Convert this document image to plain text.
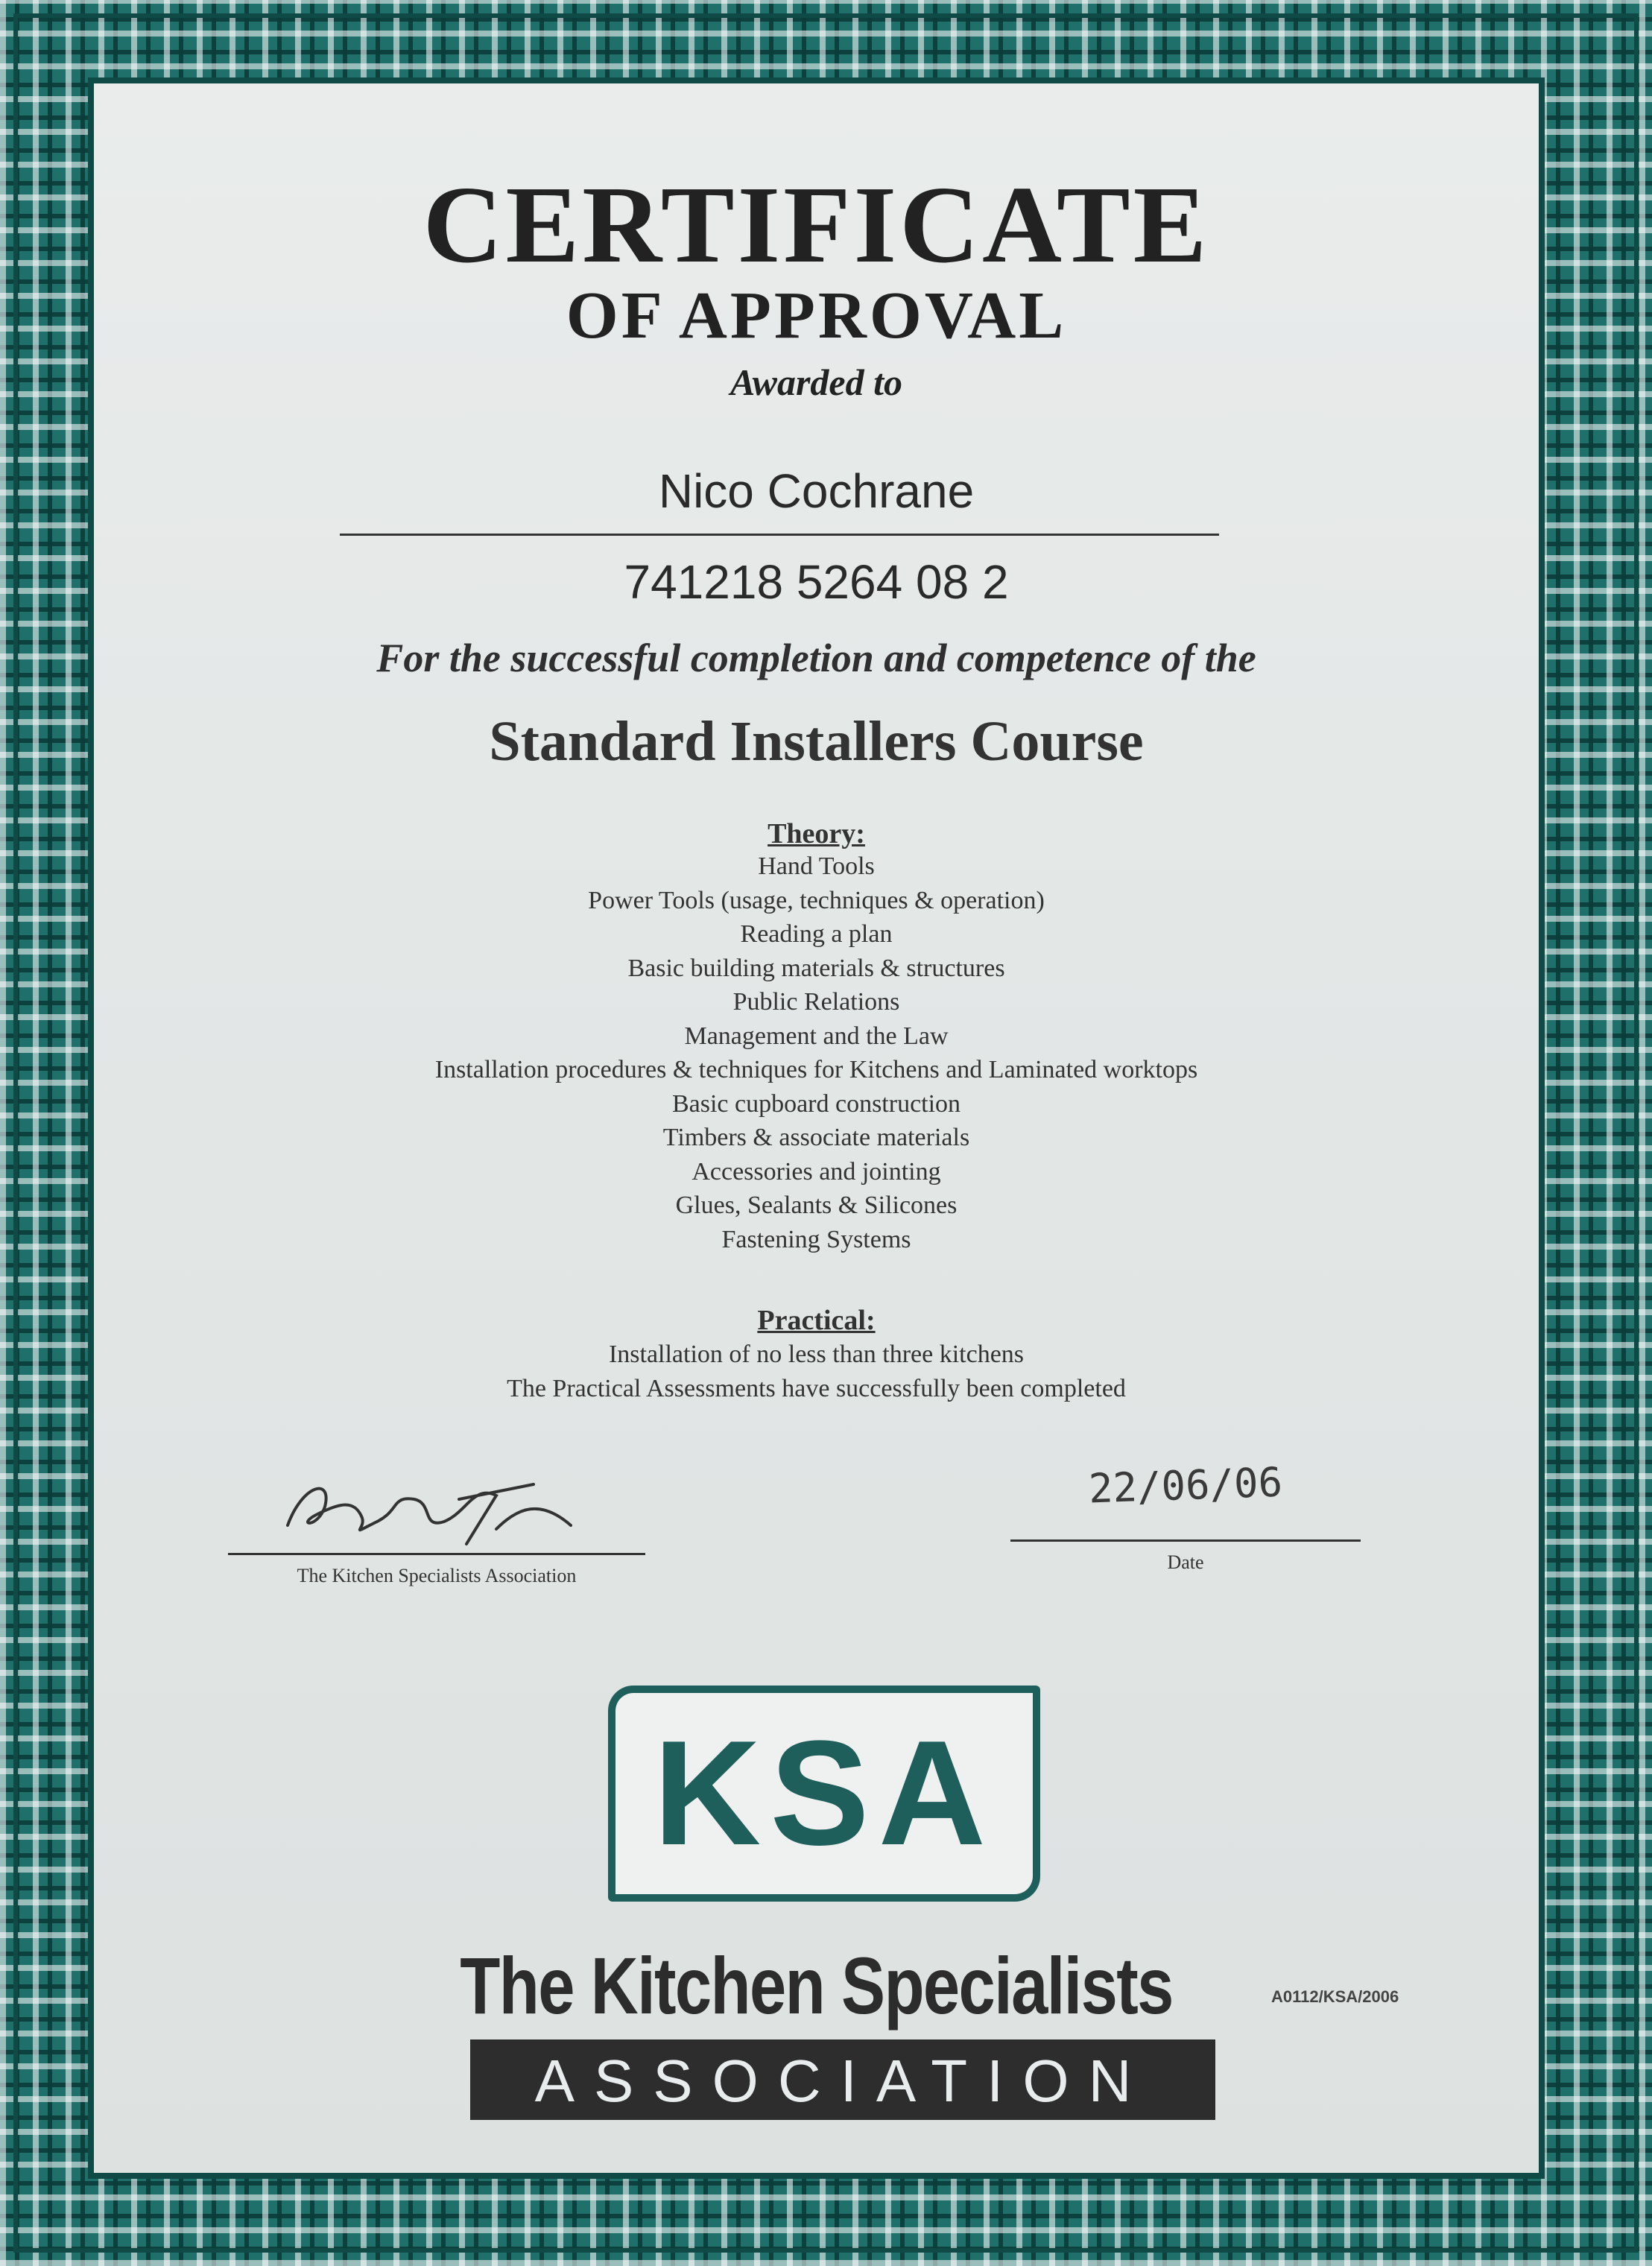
CERTIFICATE
OF APPROVAL
Awarded to
Nico Cochrane
741218 5264 08 2
For the successful completion and competence of the
Standard Installers Course
Theory:
Hand Tools
Power Tools (usage, techniques & operation)
Reading a plan
Basic building materials & structures
Public Relations
Management and the Law
Installation procedures & techniques for Kitchens and Laminated worktops
Basic cupboard construction
Timbers & associate materials
Accessories and jointing
Glues, Sealants & Silicones
Fastening Systems
Practical:
Installation of no less than three kitchens
The Practical Assessments have successfully been completed
The Kitchen Specialists Association
22/06/06
Date
KSA
The Kitchen Specialists
ASSOCIATION
A0112/KSA/2006
